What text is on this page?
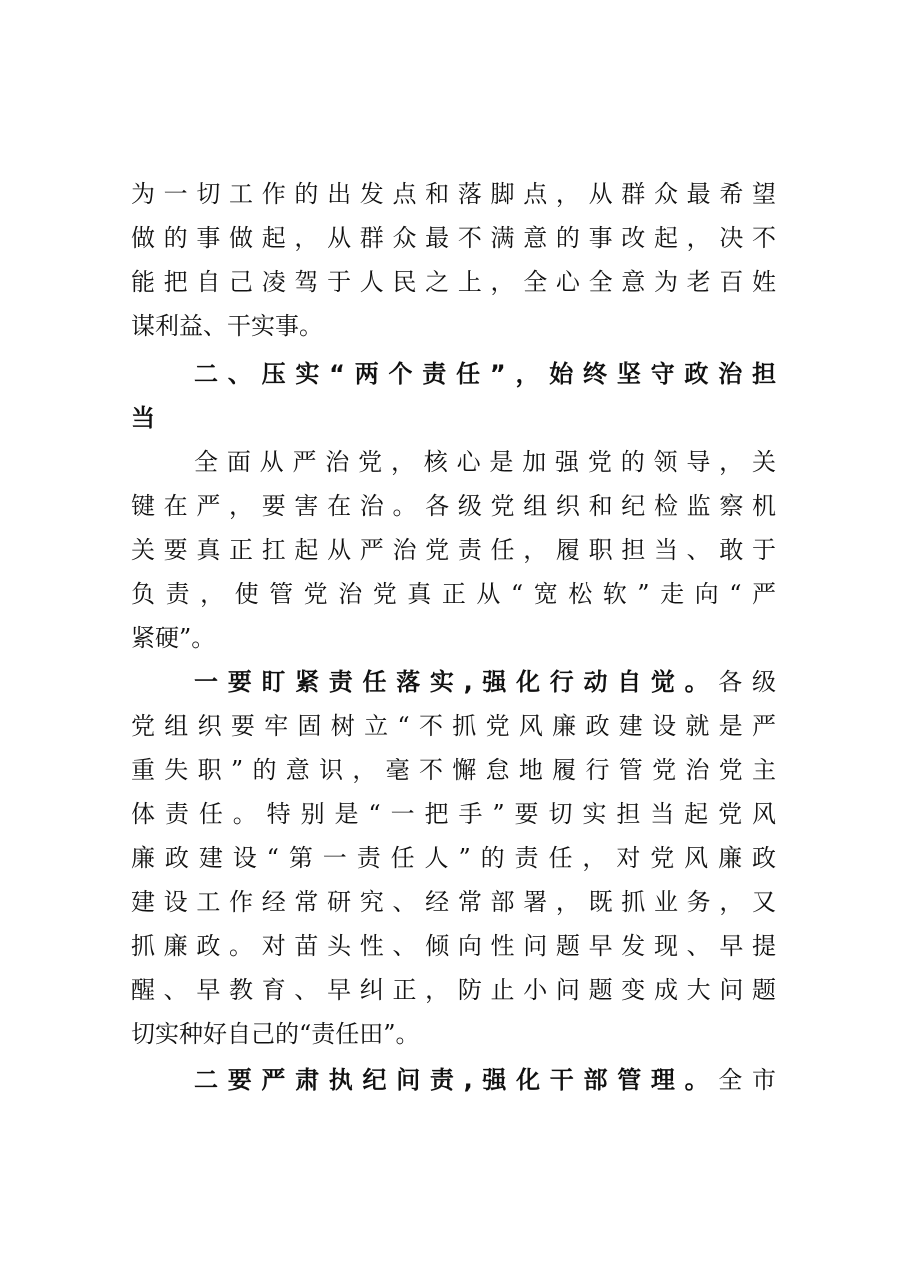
为一切工作的出发点和落脚点，从群众最希望
做的事做起，从群众最不满意的事改起，决不
能把自己凌驾于人民之上，全心全意为老百姓
谋利益、干实事。
二、压实“两个责任”，始终坚守政治担
当
全面从严治党，核心是加强党的领导，关
键在严，要害在治。各级党组织和纪检监察机
关要真正扛起从严治党责任，履职担当、敢于
负责，使管党治党真正从“宽松软”走向“严
紧硬”。
一要盯紧责任落实,强化行动自觉。各级
党组织要牢固树立“不抓党风廉政建设就是严
重失职”的意识，毫不懈怠地履行管党治党主
体责任。特别是“一把手”要切实担当起党风
廉政建设“第一责任人”的责任，对党风廉政
建设工作经常研究、经常部署，既抓业务，又
抓廉政。对苗头性、倾向性问题早发现、早提
醒、早教育、早纠正，防止小问题变成大问题
切实种好自己的“责任田”。
二要严肃执纪问责,强化干部管理。全市
